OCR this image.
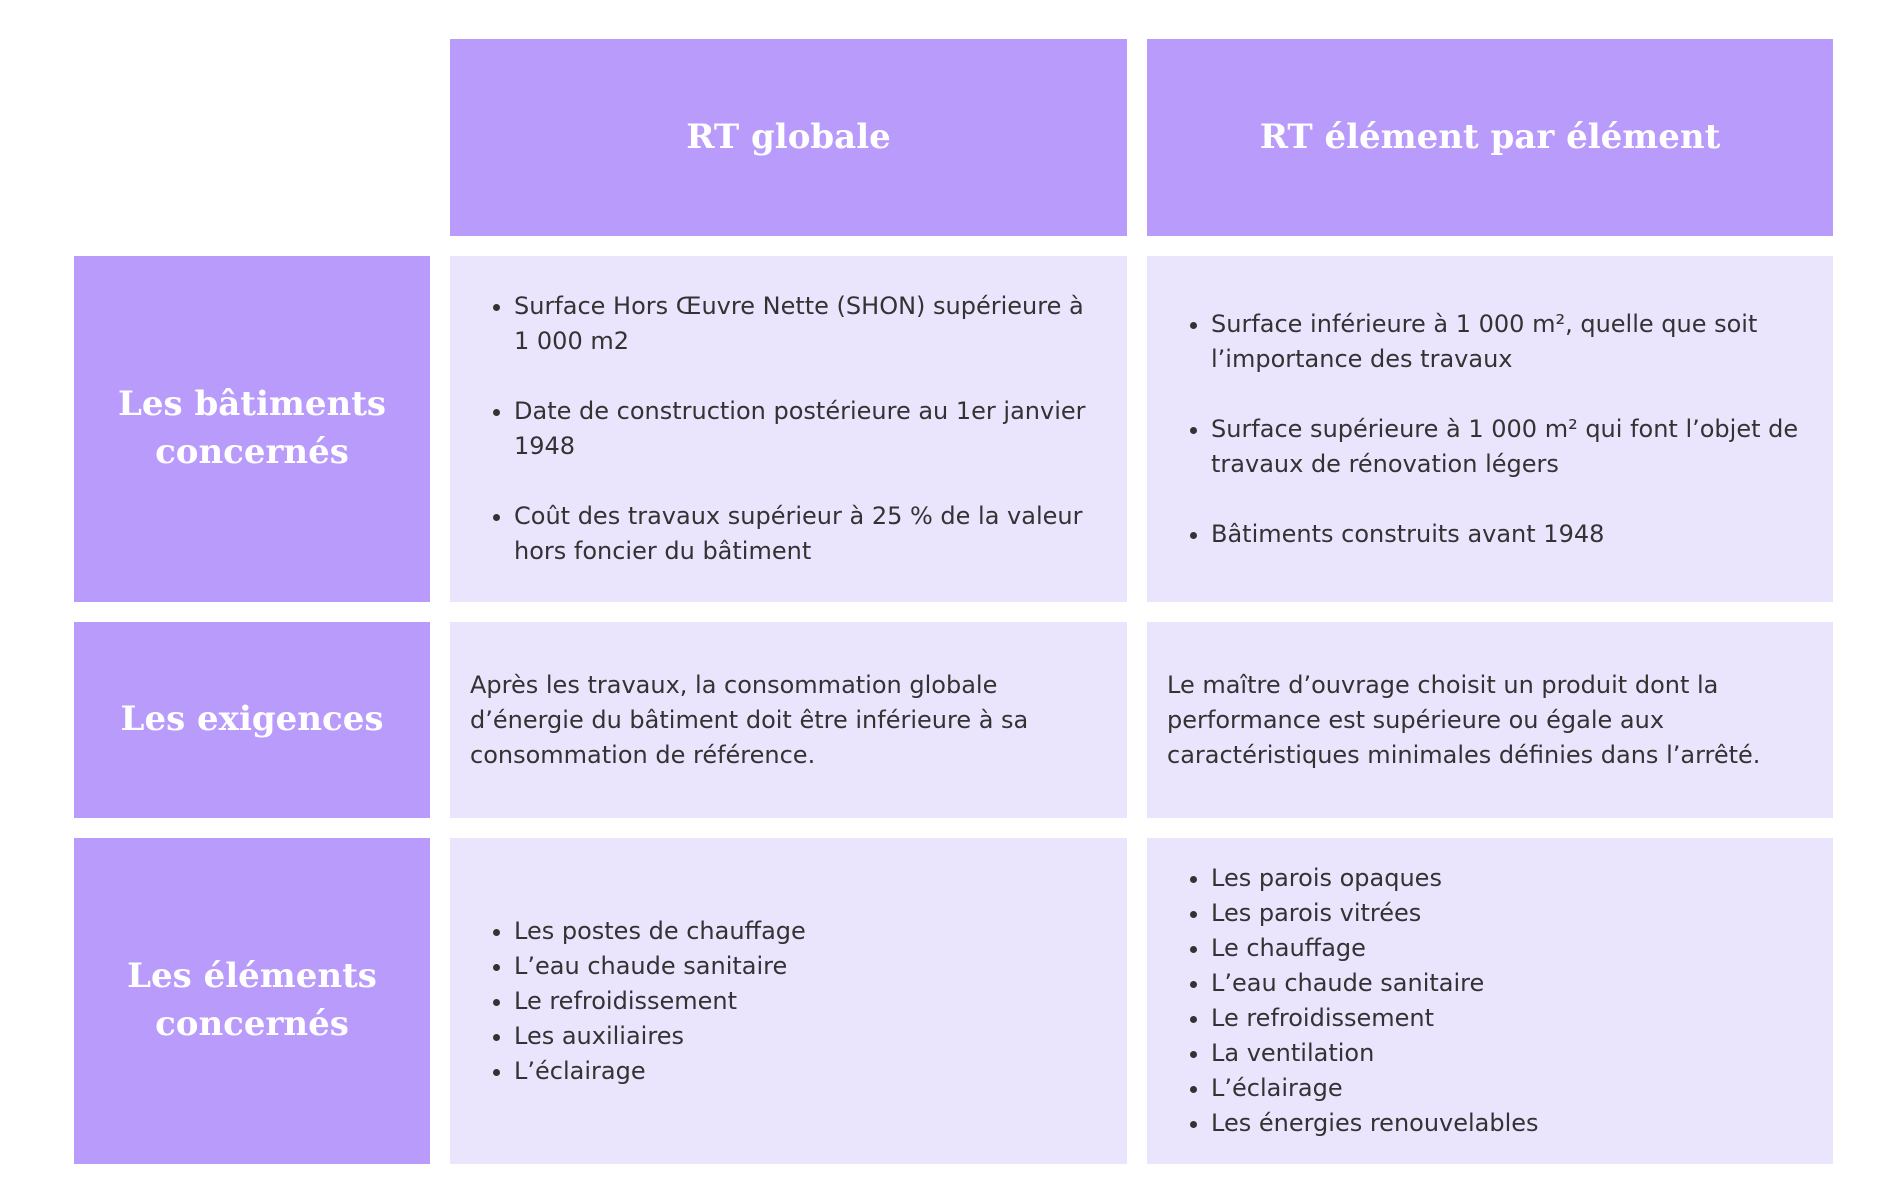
RT globale	RT élément par élément
Les bâtiments concernés
• Surface Hors Œuvre Nette (SHON) supérieure à 1 000 m2
• Date de construction postérieure au 1er janvier 1948
• Coût des travaux supérieur à 25 % de la valeur hors foncier du bâtiment
• Surface inférieure à 1 000 m², quelle que soit l’importance des travaux
• Surface supérieure à 1 000 m² qui font l’objet de travaux de rénovation légers
• Bâtiments construits avant 1948
Les exigences

Après les travaux, la consommation globale d’énergie du bâtiment doit être inférieure à sa consommation de référence.

Le maître d’ouvrage choisit un produit dont la performance est supérieure ou égale aux caractéristiques minimales définies dans l’arrêté.

Les éléments concernés
• Les postes de chauffage
• L’eau chaude sanitaire
• Le refroidissement
• Les auxiliaires
• L’éclairage
• Les parois opaques
• Les parois vitrées
• Le chauffage
• L’eau chaude sanitaire
• Le refroidissement
• La ventilation
• L’éclairage
• Les énergies renouvelables
